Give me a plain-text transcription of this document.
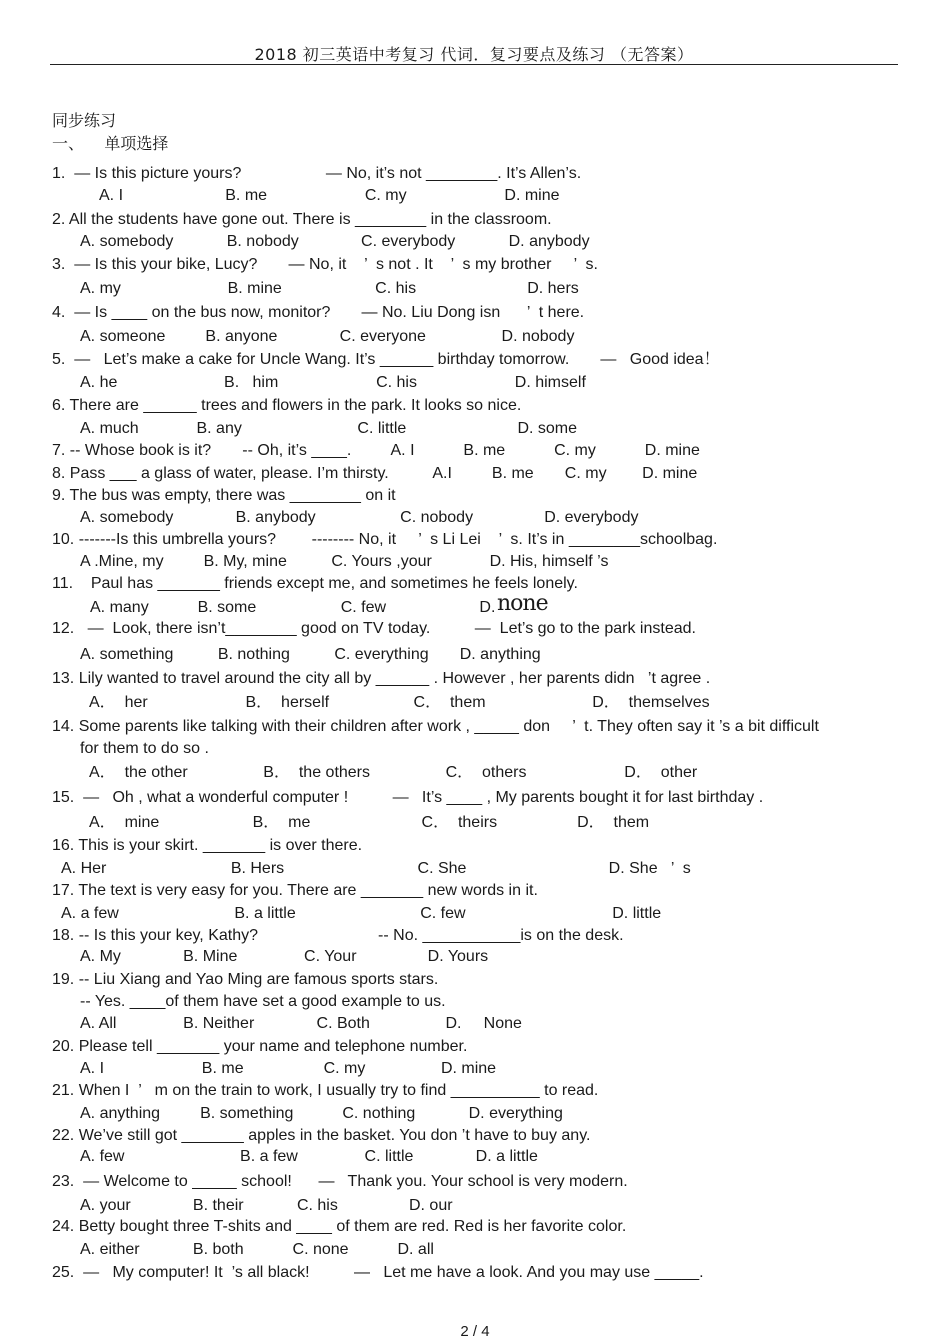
2018 初三英语中考复习 代词．复习要点及练习 （无答案）
同步练习
一、    单项选择
1.  — Is this picture yours?                   — No, it’s not ________. It’s Allen’s.
A. I                       B. me                      C. my                      D. mine
2. All the students have gone out. There is ________ in the classroom.
A. somebody            B. nobody              C. everybody            D. anybody
3.  — Is this your bike, Lucy?       — No, it    ’  s not . It    ’  s my brother     ’  s.
A. my                        B. mine                     C. his                         D. hers
4.  — Is ____ on the bus now, monitor?       — No. Liu Dong isn      ’  t here.
A. someone         B. anyone              C. everyone                 D. nobody
5.  —   Let’s make a cake for Uncle Wang. It’s ______ birthday tomorrow.       —   Good idea！
A. he                        B.   him                      C. his                      D. himself
6. There are ______ trees and flowers in the park. It looks so nice.
A. much             B. any                          C. little                         D. some
7. -- Whose book is it?       -- Oh, it’s ____.         A. I           B. me           C. my           D. mine
8. Pass ___ a glass of water, please. I’m thirsty.          A.I         B. me       C. my        D. mine
9. The bus was empty, there was ________ on it
A. somebody              B. anybody                   C. nobody                D. everybody
10. -------Is this umbrella yours?        -------- No, it     ’  s Li Lei    ’  s. It’s in ________schoolbag.
A .Mine, my         B. My, mine          C. Yours ,your             D. His, himself ’s
11.    Paul has _______ friends except me, and sometimes he feels lonely.
A. many           B. some                   C. few                     D. none
12.   —  Look, there isn’t________ good on TV today.          —  Let’s go to the park instead.
A. something          B. nothing          C. everything       D. anything
13. Lily wanted to travel around the city all by ______ . However , her parents didn   ’t agree .
A．  her                      B．  herself                   C．  them                        D．  themselves
14. Some parents like talking with their children after work , _____ don     ’  t. They often say it ’s a bit difficult
for them to do so .
A．  the other                 B．  the others                 C．  others                      D．  other
15.  —   Oh , what a wonderful computer !          —   It’s ____ , My parents bought it for last birthday .
A．  mine                     B．  me                         C．  theirs                  D．  them
16. This is your skirt. _______ is over there.
A. Her                            B. Hers                              C. She                                D. She   ’  s
17. The text is very easy for you. There are _______ new words in it.
A. a few                          B. a little                            C. few                                 D. little
18. -- Is this your key, Kathy?                           -- No. ___________is on the desk.
A. My              B. Mine               C. Your                D. Yours
19. -- Liu Xiang and Yao Ming are famous sports stars.
-- Yes. ____of them have set a good example to us.
A. All               B. Neither              C. Both                 D.     None
20. Please tell _______ your name and telephone number.
A. I                      B. me                  C. my                 D. mine
21. When I  ’   m on the train to work, I usually try to find __________ to read.
A. anything         B. something           C. nothing            D. everything
22. We’ve still got _______ apples in the basket. You don ’t have to buy any.
A. few                          B. a few               C. little              D. a little
23.  — Welcome to _____ school!      —   Thank you. Your school is very modern.
A. your              B. their            C. his                D. our
24. Betty bought three T-shits and ____ of them are red. Red is her favorite color.
A. either            B. both           C. none           D. all
25.  —   My computer! It  ’s all black!          —   Let me have a look. And you may use _____.
2 / 4
